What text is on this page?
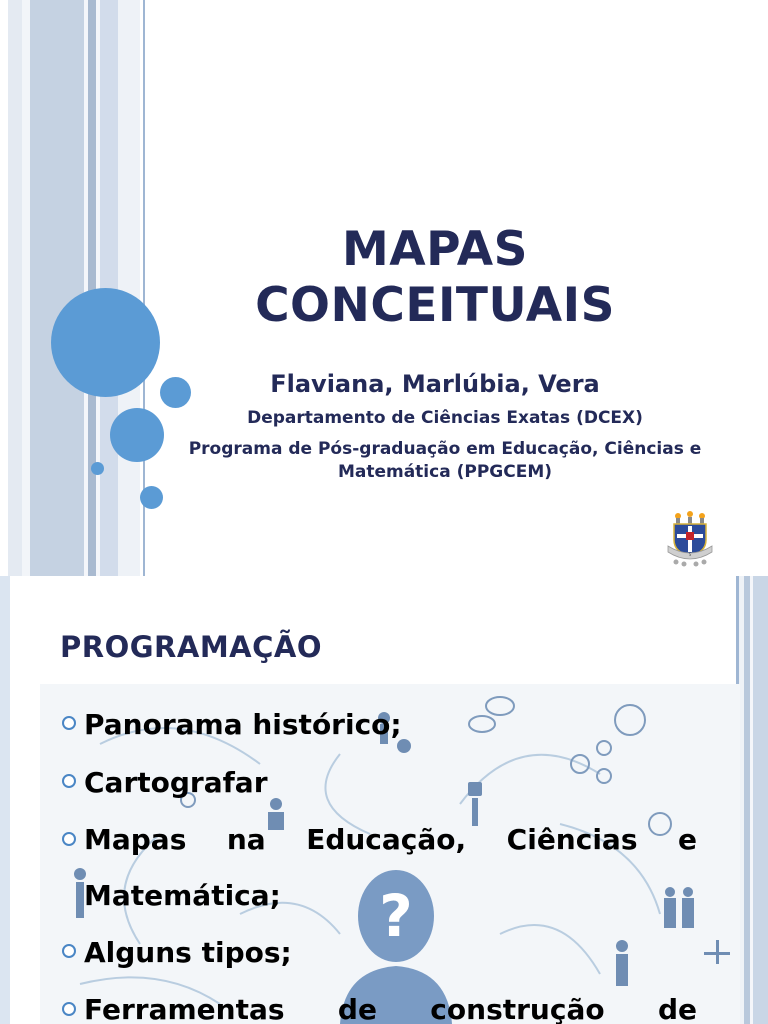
MAPAS
CONCEITUAIS

Flaviana, Marlúbia, Vera

Departamento de Ciências Exatas (DCEX)

Programa de Pós-graduação em Educação, Ciências e
Matemática (PPGCEM)

S
PROGRAMAÇÃO
?
Panorama histórico;
Cartografar
Mapas na Educação, Ciências e
Matemática;
Alguns tipos;
Ferramentas de construção de
